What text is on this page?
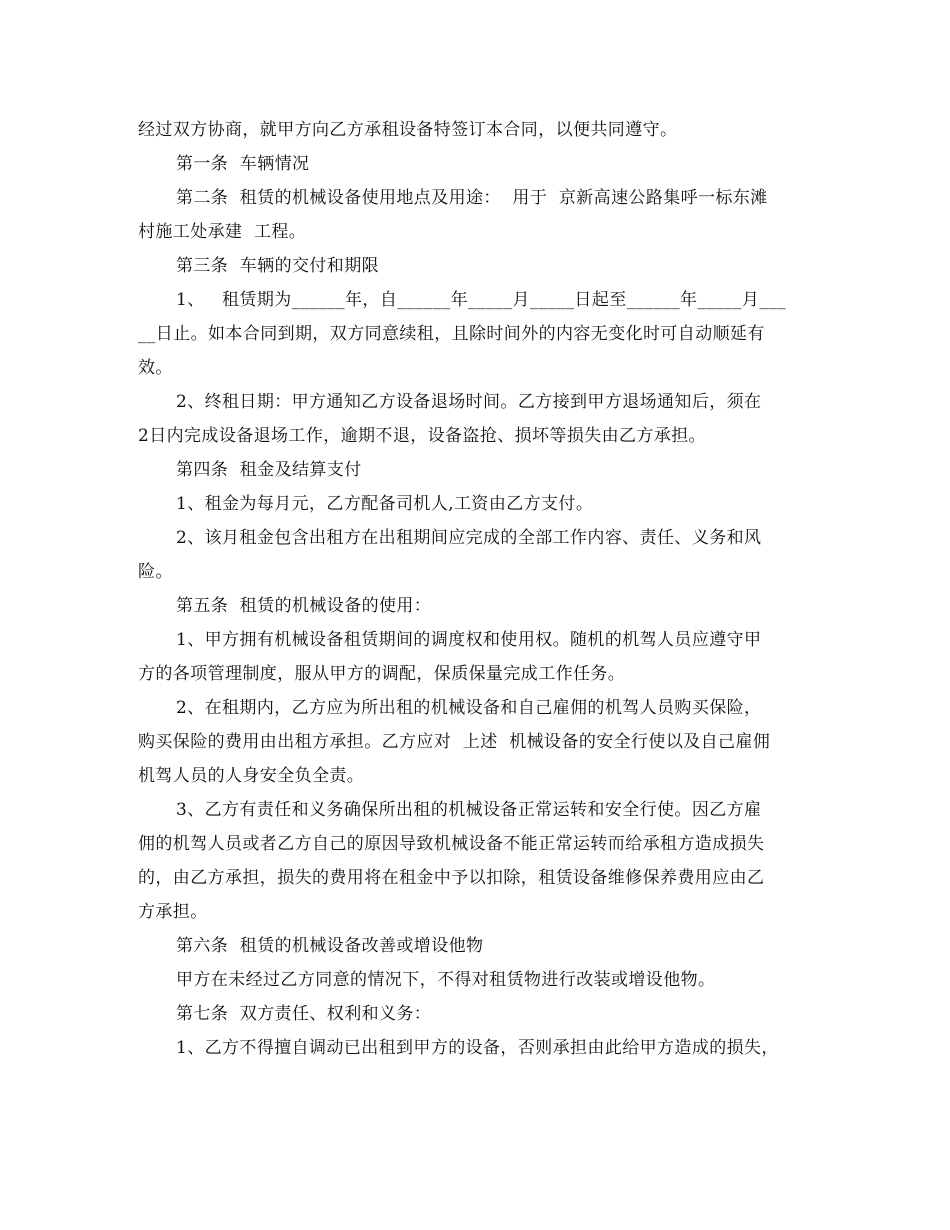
经过双方协商，就甲方向乙方承租设备特签订本合同，以便共同遵守。
第一条  车辆情况
第二条  租赁的机械设备使用地点及用途：  用于  京新高速公路集呼一标东滩
村施工处承建  工程。
第三条  车辆的交付和期限
1、   租赁期为______年，自______年_____月_____日起至______年_____月___
__日止。如本合同到期，双方同意续租，且除时间外的内容无变化时可自动顺延有
效。
2、终租日期：甲方通知乙方设备退场时间。乙方接到甲方退场通知后，须在
2日内完成设备退场工作，逾期不退，设备盗抢、损坏等损失由乙方承担。
第四条  租金及结算支付
1、租金为每月元，乙方配备司机人,工资由乙方支付。
2、该月租金包含出租方在出租期间应完成的全部工作内容、责任、义务和风
险。
第五条  租赁的机械设备的使用：
1、甲方拥有机械设备租赁期间的调度权和使用权。随机的机驾人员应遵守甲
方的各项管理制度，服从甲方的调配，保质保量完成工作任务。
2、在租期内，乙方应为所出租的机械设备和自己雇佣的机驾人员购买保险，
购买保险的费用由出租方承担。乙方应对  上述  机械设备的安全行使以及自己雇佣
机驾人员的人身安全负全责。
3、乙方有责任和义务确保所出租的机械设备正常运转和安全行使。因乙方雇
佣的机驾人员或者乙方自己的原因导致机械设备不能正常运转而给承租方造成损失
的，由乙方承担，损失的费用将在租金中予以扣除，租赁设备维修保养费用应由乙
方承担。
第六条  租赁的机械设备改善或增设他物
甲方在未经过乙方同意的情况下，不得对租赁物进行改装或增设他物。
第七条  双方责任、权利和义务：
1、乙方不得擅自调动已出租到甲方的设备，否则承担由此给甲方造成的损失，
